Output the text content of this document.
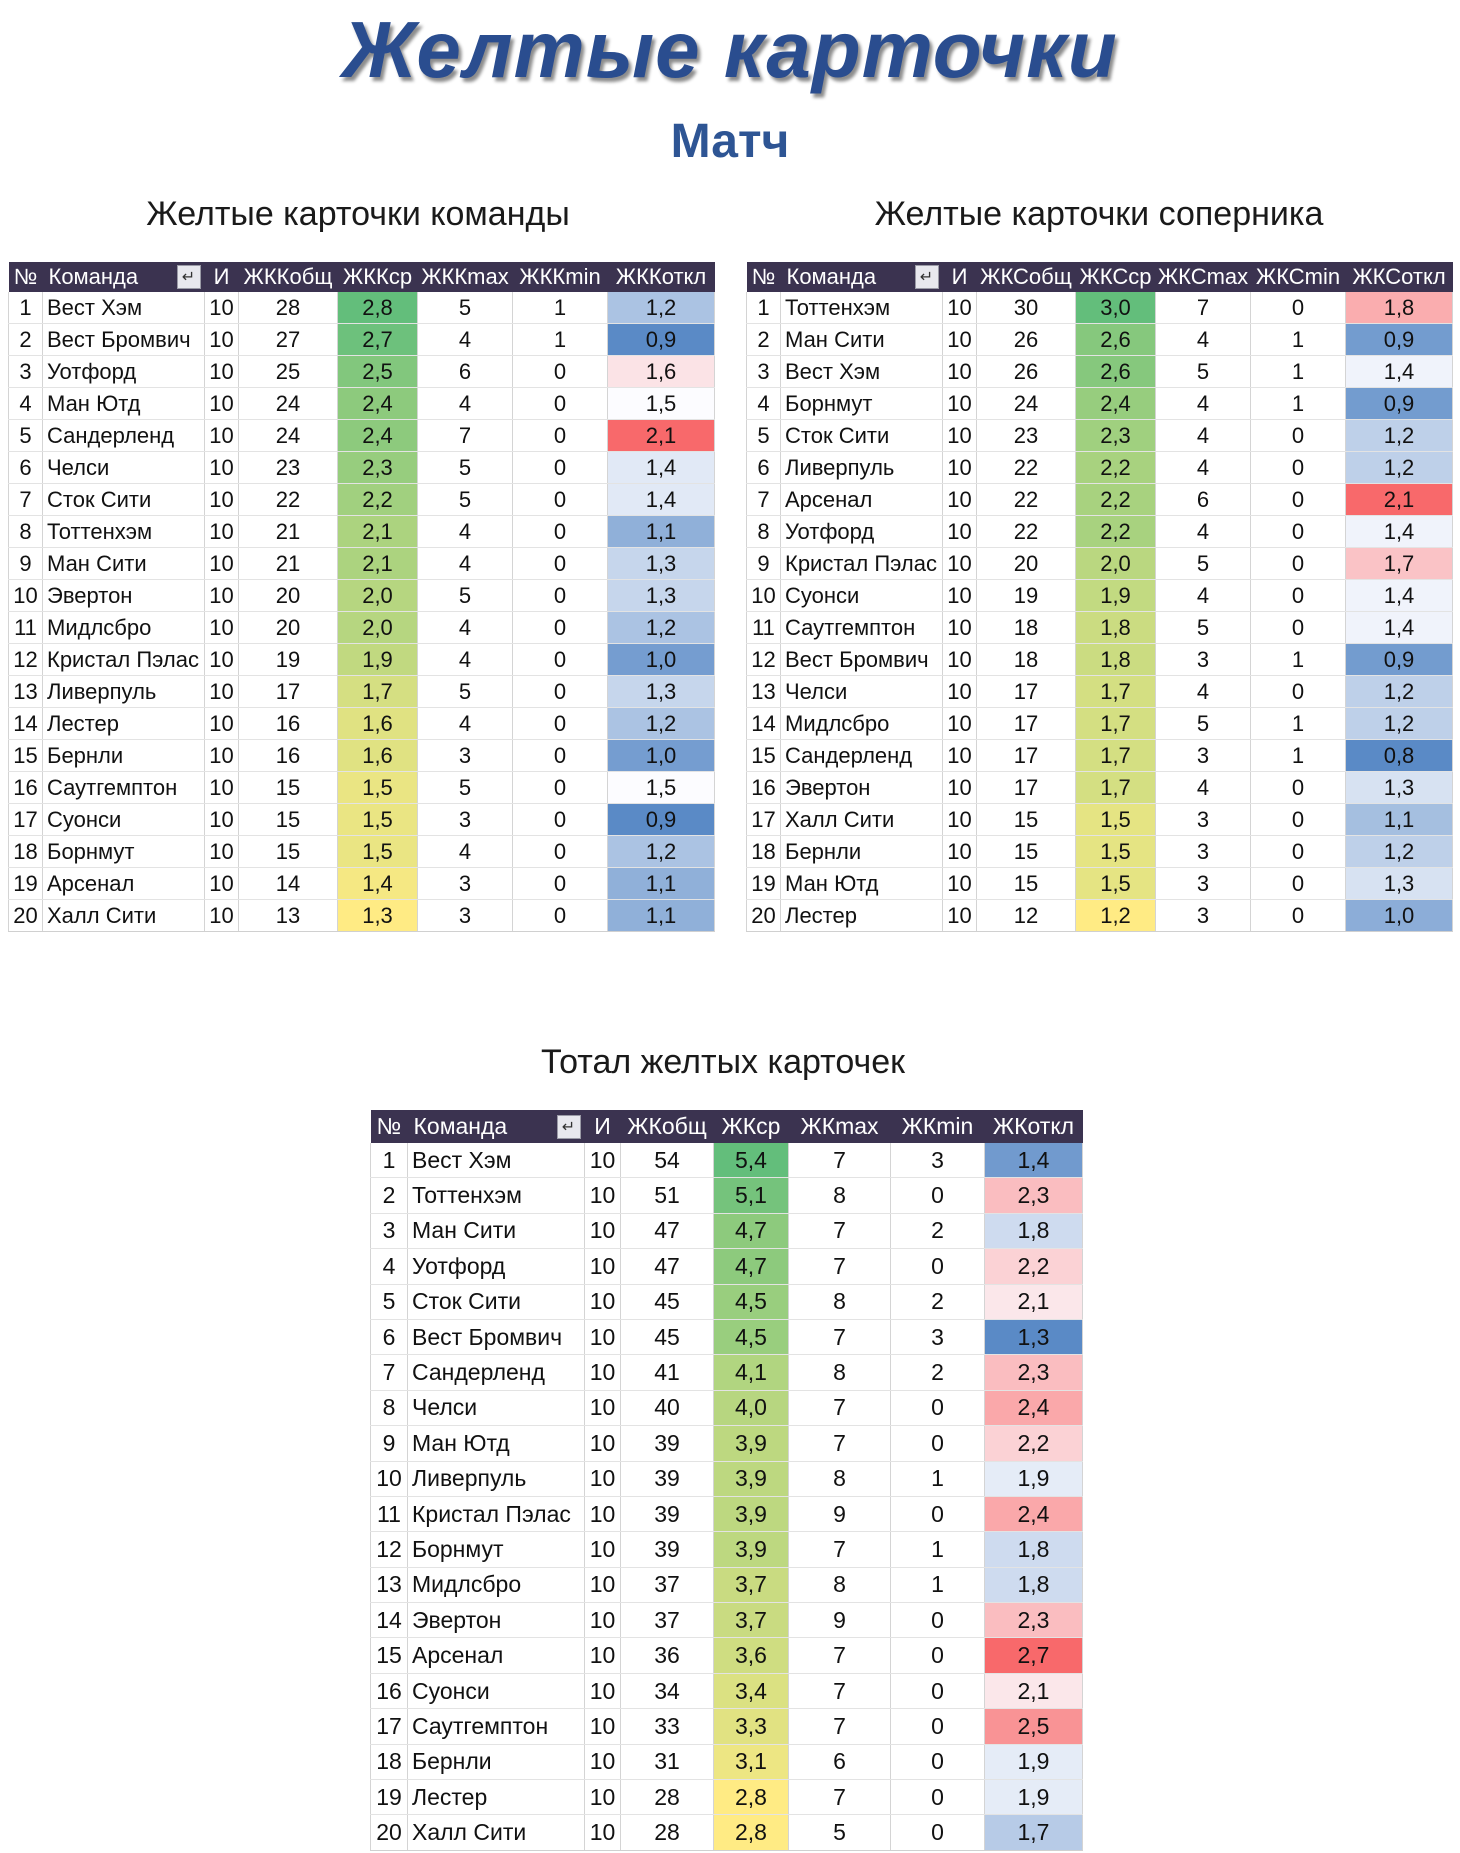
Желтые карточки
Матч
Желтые карточки команды	Желтые карточки соперника
Тотал желтых карточек
№	Команда ↵	И	ЖККобщ	ЖККср	ЖККmax	ЖККmin	ЖККоткл
1	Вест Хэм	10	28	2,8	5	1	1,2
2	Вест Бромвич	10	27	2,7	4	1	0,9
3	Уотфорд	10	25	2,5	6	0	1,6
4	Ман Ютд	10	24	2,4	4	0	1,5
5	Сандерленд	10	24	2,4	7	0	2,1
6	Челси	10	23	2,3	5	0	1,4
7	Сток Сити	10	22	2,2	5	0	1,4
8	Тоттенхэм	10	21	2,1	4	0	1,1
9	Ман Сити	10	21	2,1	4	0	1,3
10	Эвертон	10	20	2,0	5	0	1,3
11	Мидлсбро	10	20	2,0	4	0	1,2
12	Кристал Пэлас	10	19	1,9	4	0	1,0
13	Ливерпуль	10	17	1,7	5	0	1,3
14	Лестер	10	16	1,6	4	0	1,2
15	Бернли	10	16	1,6	3	0	1,0
16	Саутгемптон	10	15	1,5	5	0	1,5
17	Суонси	10	15	1,5	3	0	0,9
18	Борнмут	10	15	1,5	4	0	1,2
19	Арсенал	10	14	1,4	3	0	1,1
20	Халл Сити	10	13	1,3	3	0	1,1
№	Команда ↵	И	ЖКСобщ	ЖКСср	ЖКСmax	ЖКСmin	ЖКСоткл
1	Тоттенхэм	10	30	3,0	7	0	1,8
2	Ман Сити	10	26	2,6	4	1	0,9
3	Вест Хэм	10	26	2,6	5	1	1,4
4	Борнмут	10	24	2,4	4	1	0,9
5	Сток Сити	10	23	2,3	4	0	1,2
6	Ливерпуль	10	22	2,2	4	0	1,2
7	Арсенал	10	22	2,2	6	0	2,1
8	Уотфорд	10	22	2,2	4	0	1,4
9	Кристал Пэлас	10	20	2,0	5	0	1,7
10	Суонси	10	19	1,9	4	0	1,4
11	Саутгемптон	10	18	1,8	5	0	1,4
12	Вест Бромвич	10	18	1,8	3	1	0,9
13	Челси	10	17	1,7	4	0	1,2
14	Мидлсбро	10	17	1,7	5	1	1,2
15	Сандерленд	10	17	1,7	3	1	0,8
16	Эвертон	10	17	1,7	4	0	1,3
17	Халл Сити	10	15	1,5	3	0	1,1
18	Бернли	10	15	1,5	3	0	1,2
19	Ман Ютд	10	15	1,5	3	0	1,3
20	Лестер	10	12	1,2	3	0	1,0
№	Команда ↵	И	ЖКобщ	ЖКср	ЖКmax	ЖКmin	ЖКоткл
1	Вест Хэм	10	54	5,4	7	3	1,4
2	Тоттенхэм	10	51	5,1	8	0	2,3
3	Ман Сити	10	47	4,7	7	2	1,8
4	Уотфорд	10	47	4,7	7	0	2,2
5	Сток Сити	10	45	4,5	8	2	2,1
6	Вест Бромвич	10	45	4,5	7	3	1,3
7	Сандерленд	10	41	4,1	8	2	2,3
8	Челси	10	40	4,0	7	0	2,4
9	Ман Ютд	10	39	3,9	7	0	2,2
10	Ливерпуль	10	39	3,9	8	1	1,9
11	Кристал Пэлас	10	39	3,9	9	0	2,4
12	Борнмут	10	39	3,9	7	1	1,8
13	Мидлсбро	10	37	3,7	8	1	1,8
14	Эвертон	10	37	3,7	9	0	2,3
15	Арсенал	10	36	3,6	7	0	2,7
16	Суонси	10	34	3,4	7	0	2,1
17	Саутгемптон	10	33	3,3	7	0	2,5
18	Бернли	10	31	3,1	6	0	1,9
19	Лестер	10	28	2,8	7	0	1,9
20	Халл Сити	10	28	2,8	5	0	1,7
